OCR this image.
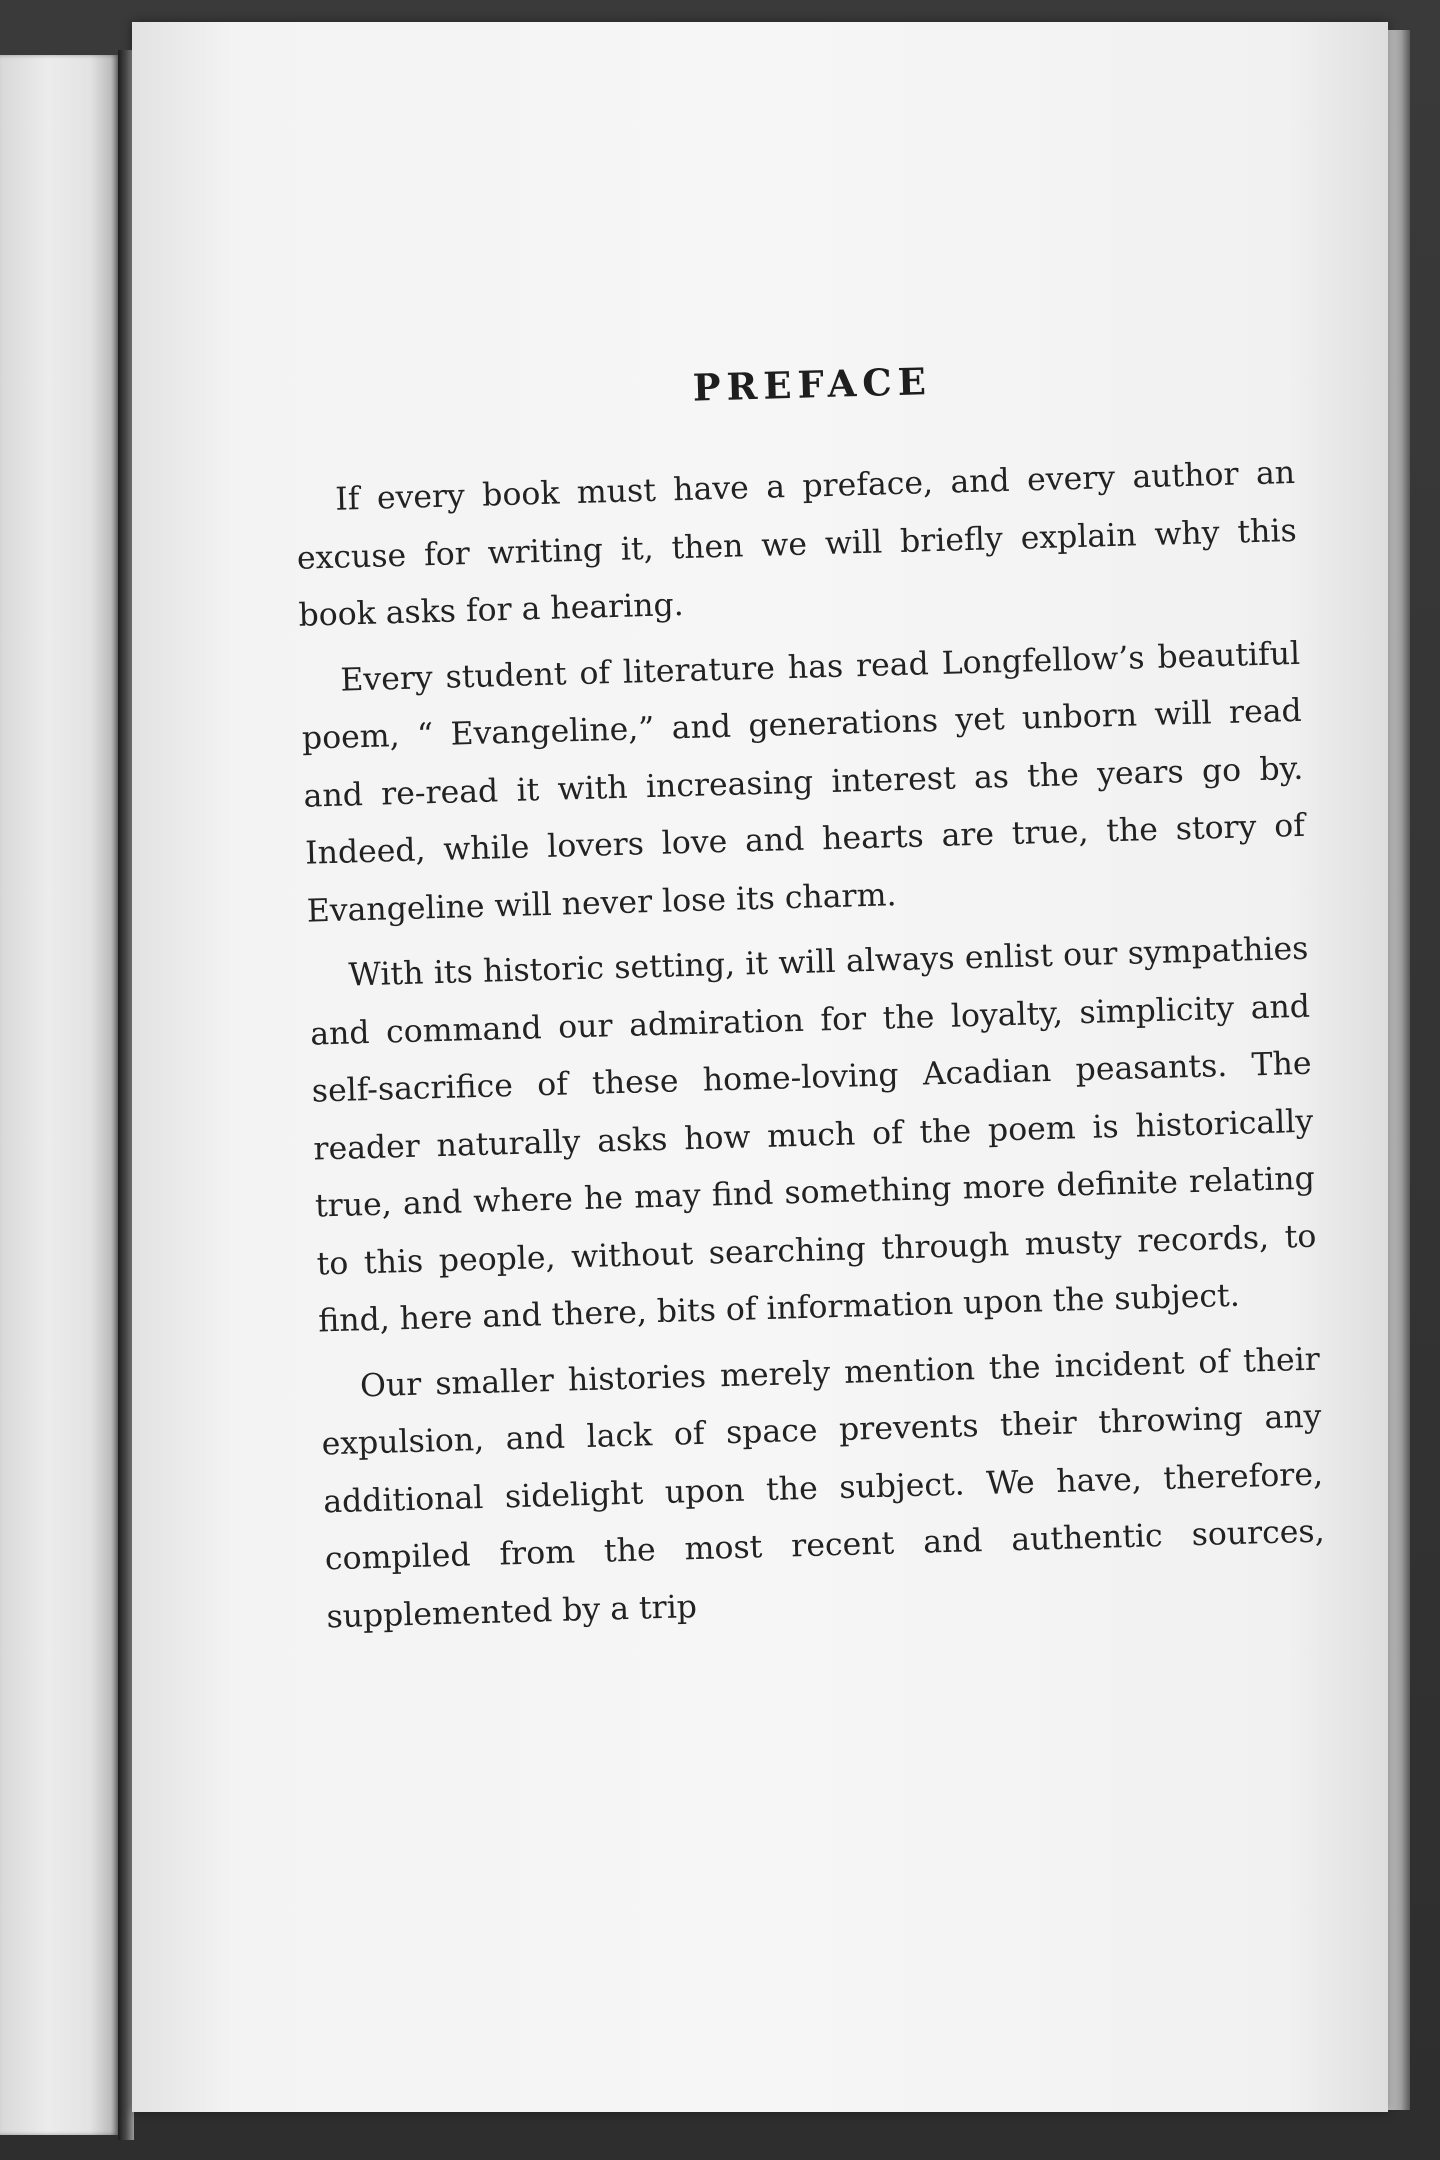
PREFACE

If every book must have a preface, and every author an excuse for writing it, then we will briefly explain why this book asks for a hearing.

Every student of literature has read Longfellow’s beautiful poem, “ Evangeline,” and generations yet unborn will read and re-read it with increasing interest as the years go by. Indeed, while lovers love and hearts are true, the story of Evangeline will never lose its charm.

With its historic setting, it will always enlist our sympathies and command our admiration for the loyalty, simplicity and self-sacrifice of these home-loving Acadian peasants. The reader naturally asks how much of the poem is historically true, and where he may find something more definite relating to this people, without searching through musty records, to find, here and there, bits of information upon the subject.

Our smaller histories merely mention the incident of their expulsion, and lack of space prevents their throwing any additional sidelight upon the subject. We have, therefore, compiled from the most recent and authentic sources, supplemented by a trip
